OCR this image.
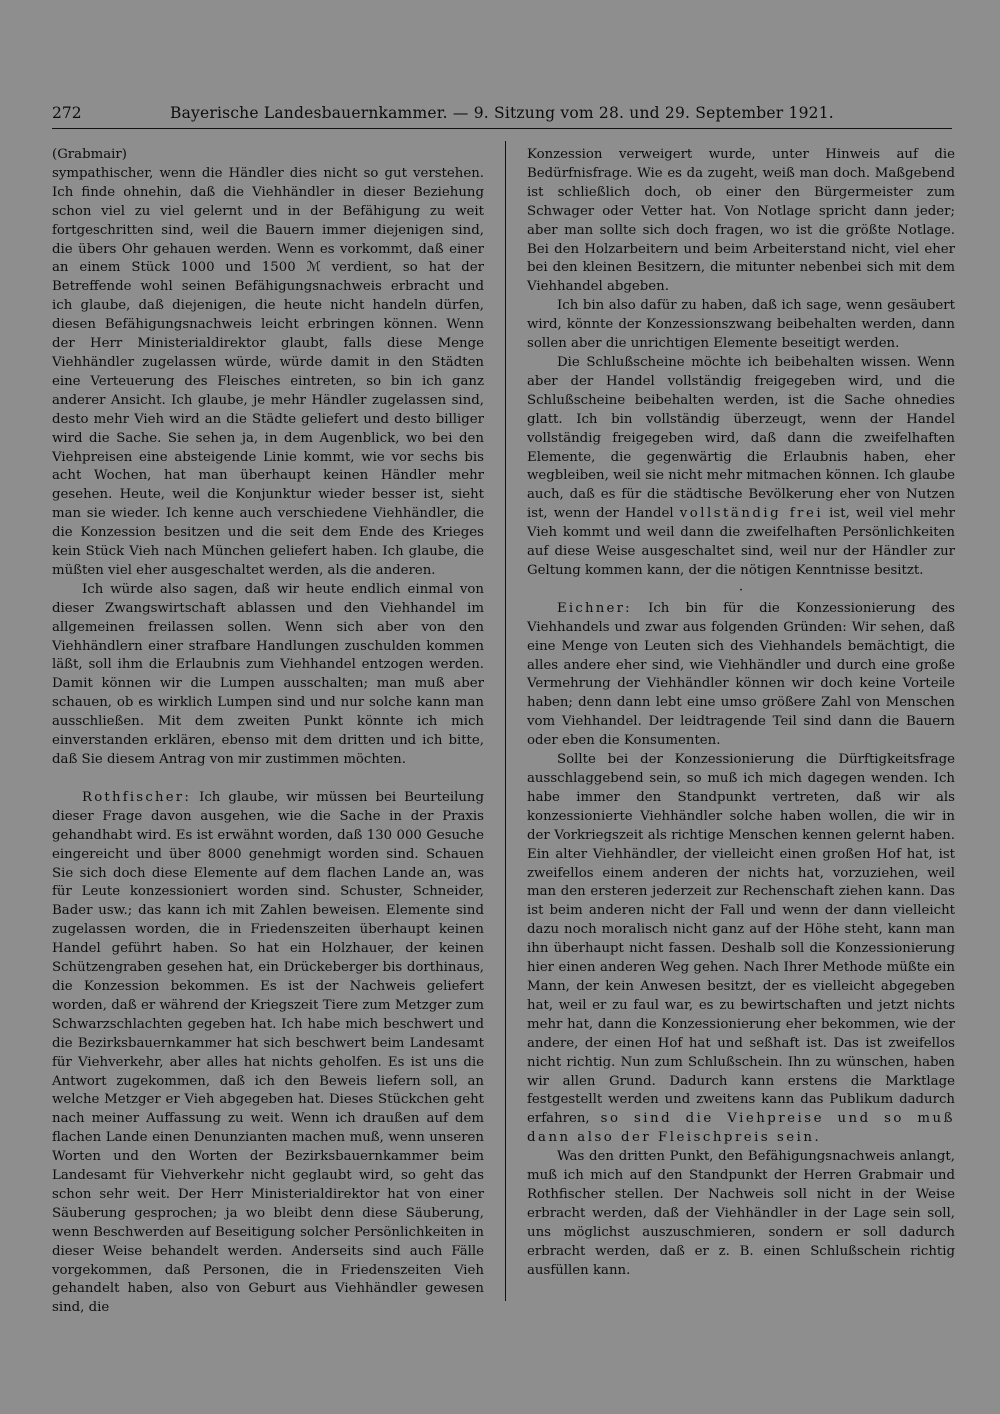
272	Bayerische Landesbauernkammer. — 9. Sitzung vom 28. und 29. September 1921.

(Grabmair)

sympathischer, wenn die Händler dies nicht so gut verstehen. Ich finde ohnehin, daß die Viehhändler in dieser Beziehung schon viel zu viel gelernt und in der Befähigung zu weit fortgeschritten sind, weil die Bauern immer diejenigen sind, die übers Ohr gehauen werden. Wenn es vorkommt, daß einer an einem Stück 1000 und 1500 ℳ verdient, so hat der Betreffende wohl seinen Befähigungsnachweis erbracht und ich glaube, daß diejenigen, die heute nicht handeln dürfen, diesen Befähigungsnachweis leicht erbringen können. Wenn der Herr Ministerialdirektor glaubt, falls diese Menge Viehhändler zugelassen würde, würde damit in den Städten eine Verteuerung des Fleisches eintreten, so bin ich ganz anderer Ansicht. Ich glaube, je mehr Händler zugelassen sind, desto mehr Vieh wird an die Städte geliefert und desto billiger wird die Sache. Sie sehen ja, in dem Augenblick, wo bei den Viehpreisen eine absteigende Linie kommt, wie vor sechs bis acht Wochen, hat man überhaupt keinen Händler mehr gesehen. Heute, weil die Konjunktur wieder besser ist, sieht man sie wieder. Ich kenne auch verschiedene Viehhändler, die die Konzession besitzen und die seit dem Ende des Krieges kein Stück Vieh nach München geliefert haben. Ich glaube, die müßten viel eher ausgeschaltet werden, als die anderen.

Ich würde also sagen, daß wir heute endlich einmal von dieser Zwangswirtschaft ablassen und den Viehhandel im allgemeinen freilassen sollen. Wenn sich aber von den Viehhändlern einer strafbare Handlungen zuschulden kommen läßt, soll ihm die Erlaubnis zum Viehhandel entzogen werden. Damit können wir die Lumpen ausschalten; man muß aber schauen, ob es wirklich Lumpen sind und nur solche kann man ausschließen. Mit dem zweiten Punkt könnte ich mich einverstanden erklären, ebenso mit dem dritten und ich bitte, daß Sie diesem Antrag von mir zustimmen möchten.

Rothfischer: Ich glaube, wir müssen bei Beurteilung dieser Frage davon ausgehen, wie die Sache in der Praxis gehandhabt wird. Es ist erwähnt worden, daß 130 000 Gesuche eingereicht und über 8000 genehmigt worden sind. Schauen Sie sich doch diese Elemente auf dem flachen Lande an, was für Leute konzessioniert worden sind. Schuster, Schneider, Bader usw.; das kann ich mit Zahlen beweisen. Elemente sind zugelassen worden, die in Friedenszeiten überhaupt keinen Handel geführt haben. So hat ein Holzhauer, der keinen Schützengraben gesehen hat, ein Drückeberger bis dorthinaus, die Konzession bekommen. Es ist der Nachweis geliefert worden, daß er während der Kriegszeit Tiere zum Metzger zum Schwarzschlachten gegeben hat. Ich habe mich beschwert und die Bezirksbauernkammer hat sich beschwert beim Landesamt für Viehverkehr, aber alles hat nichts geholfen. Es ist uns die Antwort zugekommen, daß ich den Beweis liefern soll, an welche Metzger er Vieh abgegeben hat. Dieses Stückchen geht nach meiner Auffassung zu weit. Wenn ich draußen auf dem flachen Lande einen Denunzianten machen muß, wenn unseren Worten und den Worten der Bezirksbauernkammer beim Landesamt für Viehverkehr nicht geglaubt wird, so geht das schon sehr weit. Der Herr Ministerialdirektor hat von einer Säuberung gesprochen; ja wo bleibt denn diese Säuberung, wenn Beschwerden auf Beseitigung solcher Persönlichkeiten in dieser Weise behandelt werden. Anderseits sind auch Fälle vorgekommen, daß Personen, die in Friedenszeiten Vieh gehandelt haben, also von Geburt aus Viehhändler gewesen sind, die

Konzession verweigert wurde, unter Hinweis auf die Bedürfnisfrage. Wie es da zugeht, weiß man doch. Maßgebend ist schließlich doch, ob einer den Bürgermeister zum Schwager oder Vetter hat. Von Notlage spricht dann jeder; aber man sollte sich doch fragen, wo ist die größte Notlage. Bei den Holzarbeitern und beim Arbeiterstand nicht, viel eher bei den kleinen Besitzern, die mitunter nebenbei sich mit dem Viehhandel abgeben.

Ich bin also dafür zu haben, daß ich sage, wenn gesäubert wird, könnte der Konzessionszwang beibehalten werden, dann sollen aber die unrichtigen Elemente beseitigt werden.

Die Schlußscheine möchte ich beibehalten wissen. Wenn aber der Handel vollständig freigegeben wird, und die Schlußscheine beibehalten werden, ist die Sache ohnedies glatt. Ich bin vollständig überzeugt, wenn der Handel vollständig freigegeben wird, daß dann die zweifelhaften Elemente, die gegenwärtig die Erlaubnis haben, eher wegbleiben, weil sie nicht mehr mitmachen können. Ich glaube auch, daß es für die städtische Bevölkerung eher von Nutzen ist, wenn der Handel vollständig frei ist, weil viel mehr Vieh kommt und weil dann die zweifelhaften Persönlichkeiten auf diese Weise ausgeschaltet sind, weil nur der Händler zur Geltung kommen kann, der die nötigen Kenntnisse besitzt.

·

Eichner: Ich bin für die Konzessionierung des Viehhandels und zwar aus folgenden Gründen: Wir sehen, daß eine Menge von Leuten sich des Viehhandels bemächtigt, die alles andere eher sind, wie Viehhändler und durch eine große Vermehrung der Viehhändler können wir doch keine Vorteile haben; denn dann lebt eine umso größere Zahl von Menschen vom Viehhandel. Der leidtragende Teil sind dann die Bauern oder eben die Konsumenten.

Sollte bei der Konzessionierung die Dürftigkeitsfrage ausschlaggebend sein, so muß ich mich dagegen wenden. Ich habe immer den Standpunkt vertreten, daß wir als konzessionierte Viehhändler solche haben wollen, die wir in der Vorkriegszeit als richtige Menschen kennen gelernt haben. Ein alter Viehhändler, der vielleicht einen großen Hof hat, ist zweifellos einem anderen der nichts hat, vorzuziehen, weil man den ersteren jederzeit zur Rechenschaft ziehen kann. Das ist beim anderen nicht der Fall und wenn der dann vielleicht dazu noch moralisch nicht ganz auf der Höhe steht, kann man ihn überhaupt nicht fassen. Deshalb soll die Konzessionierung hier einen anderen Weg gehen. Nach Ihrer Methode müßte ein Mann, der kein Anwesen besitzt, der es vielleicht abgegeben hat, weil er zu faul war, es zu bewirtschaften und jetzt nichts mehr hat, dann die Konzessionierung eher bekommen, wie der andere, der einen Hof hat und seßhaft ist. Das ist zweifellos nicht richtig. Nun zum Schlußschein. Ihn zu wünschen, haben wir allen Grund. Dadurch kann erstens die Marktlage festgestellt werden und zweitens kann das Publikum dadurch erfahren, so sind die Viehpreise und so muß dann also der Fleischpreis sein.

Was den dritten Punkt, den Befähigungsnachweis anlangt, muß ich mich auf den Standpunkt der Herren Grabmair und Rothfischer stellen. Der Nachweis soll nicht in der Weise erbracht werden, daß der Viehhändler in der Lage sein soll, uns möglichst auszuschmieren, sondern er soll dadurch erbracht werden, daß er z. B. einen Schlußschein richtig ausfüllen kann.
